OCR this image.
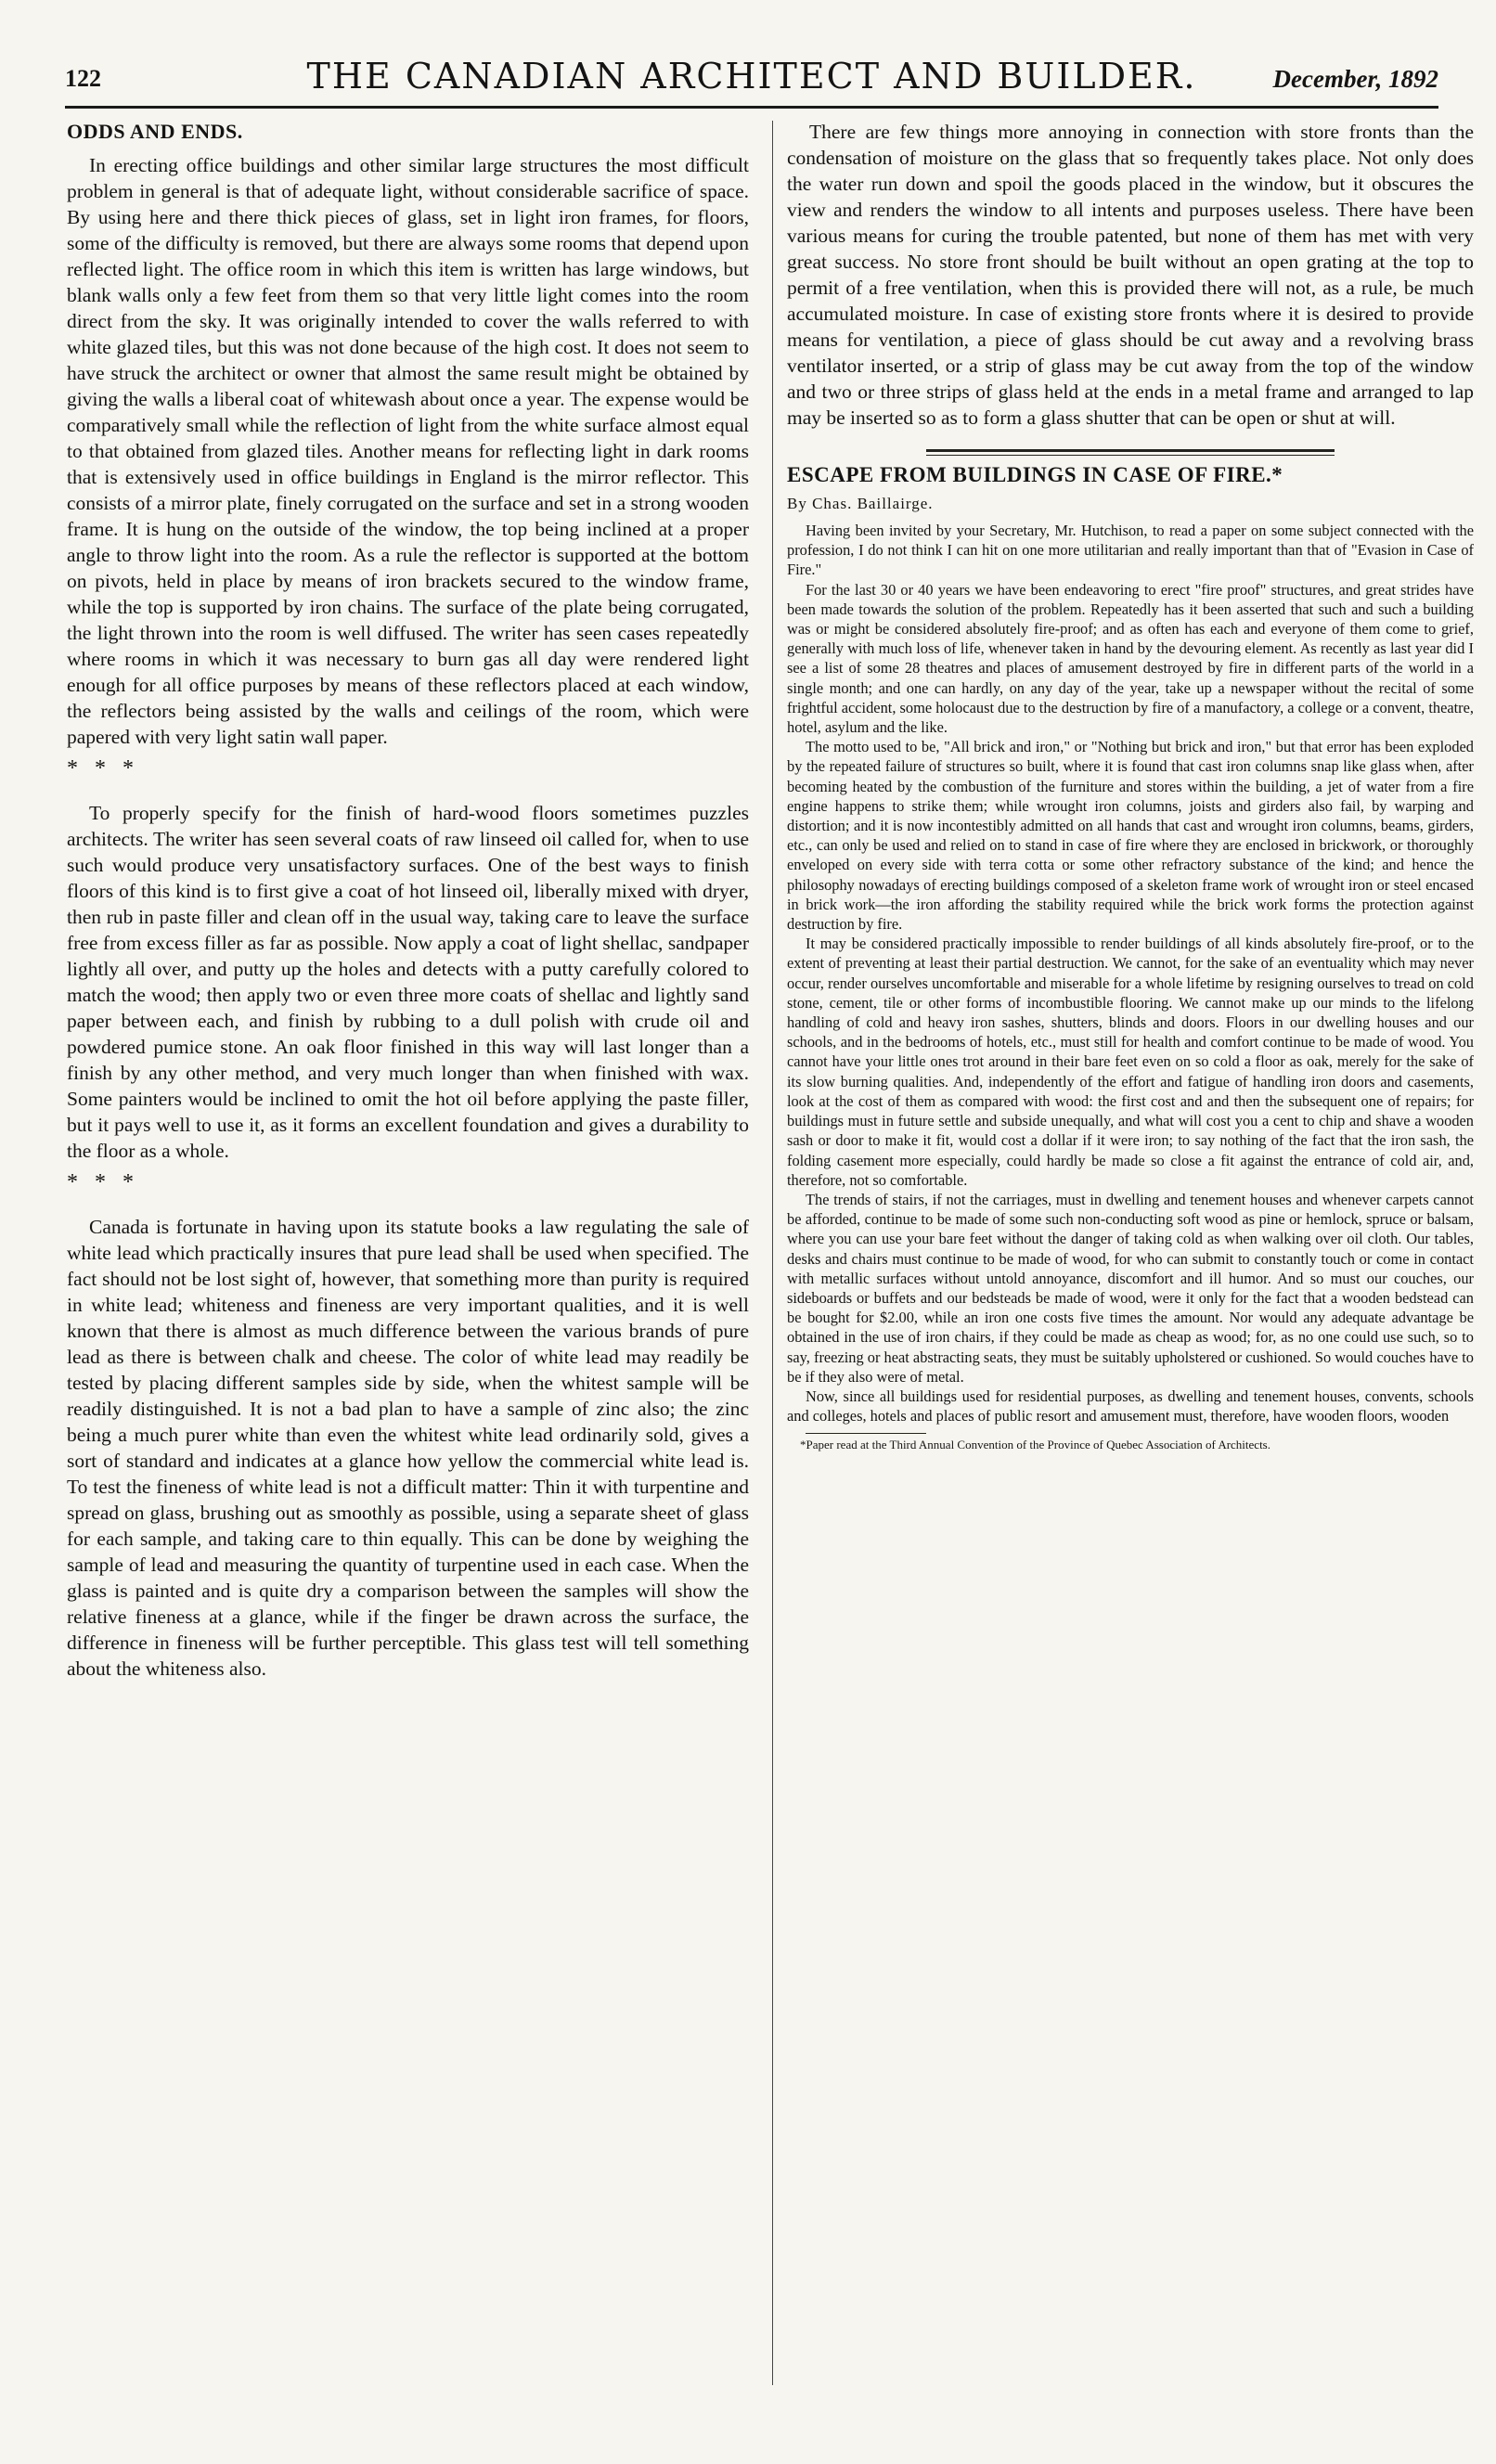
122	THE CANADIAN ARCHITECT AND BUILDER.	December, 1892
ODDS AND ENDS.

In erecting office buildings and other similar large structures the most difficult problem in general is that of adequate light, without considerable sacrifice of space. By using here and there thick pieces of glass, set in light iron frames, for floors, some of the difficulty is removed, but there are always some rooms that depend upon reflected light. The office room in which this item is written has large windows, but blank walls only a few feet from them so that very little light comes into the room direct from the sky. It was originally intended to cover the walls referred to with white glazed tiles, but this was not done because of the high cost. It does not seem to have struck the architect or owner that almost the same result might be obtained by giving the walls a liberal coat of whitewash about once a year. The expense would be comparatively small while the reflection of light from the white surface almost equal to that obtained from glazed tiles. Another means for reflecting light in dark rooms that is extensively used in office buildings in England is the mirror reflector. This consists of a mirror plate, finely corrugated on the surface and set in a strong wooden frame. It is hung on the outside of the window, the top being inclined at a proper angle to throw light into the room. As a rule the reflector is supported at the bottom on pivots, held in place by means of iron brackets secured to the window frame, while the top is supported by iron chains. The surface of the plate being corrugated, the light thrown into the room is well diffused. The writer has seen cases repeatedly where rooms in which it was necessary to burn gas all day were rendered light enough for all office purposes by means of these reflectors placed at each window, the reflectors being assisted by the walls and ceilings of the room, which were papered with very light satin wall paper.

* * *

To properly specify for the finish of hard-wood floors sometimes puzzles architects. The writer has seen several coats of raw linseed oil called for, when to use such would produce very unsatisfactory surfaces. One of the best ways to finish floors of this kind is to first give a coat of hot linseed oil, liberally mixed with dryer, then rub in paste filler and clean off in the usual way, taking care to leave the surface free from excess filler as far as possible. Now apply a coat of light shellac, sandpaper lightly all over, and putty up the holes and detects with a putty carefully colored to match the wood; then apply two or even three more coats of shellac and lightly sand paper between each, and finish by rubbing to a dull polish with crude oil and powdered pumice stone. An oak floor finished in this way will last longer than a finish by any other method, and very much longer than when finished with wax. Some painters would be inclined to omit the hot oil before applying the paste filler, but it pays well to use it, as it forms an excellent foundation and gives a durability to the floor as a whole.

* * *

Canada is fortunate in having upon its statute books a law regulating the sale of white lead which practically insures that pure lead shall be used when specified. The fact should not be lost sight of, however, that something more than purity is required in white lead; whiteness and fineness are very important qualities, and it is well known that there is almost as much difference between the various brands of pure lead as there is between chalk and cheese. The color of white lead may readily be tested by placing different samples side by side, when the whitest sample will be readily distinguished. It is not a bad plan to have a sample of zinc also; the zinc being a much purer white than even the whitest white lead ordinarily sold, gives a sort of standard and indicates at a glance how yellow the commercial white lead is. To test the fineness of white lead is not a difficult matter: Thin it with turpentine and spread on glass, brushing out as smoothly as possible, using a separate sheet of glass for each sample, and taking care to thin equally. This can be done by weighing the sample of lead and measuring the quantity of turpentine used in each case. When the glass is painted and is quite dry a comparison between the samples will show the relative fineness at a glance, while if the finger be drawn across the surface, the difference in fineness will be further perceptible. This glass test will tell something about the whiteness also.

There are few things more annoying in connection with store fronts than the condensation of moisture on the glass that so frequently takes place. Not only does the water run down and spoil the goods placed in the window, but it obscures the view and renders the window to all intents and purposes useless. There have been various means for curing the trouble patented, but none of them has met with very great success. No store front should be built without an open grating at the top to permit of a free ventilation, when this is provided there will not, as a rule, be much accumulated moisture. In case of existing store fronts where it is desired to provide means for ventilation, a piece of glass should be cut away and a revolving brass ventilator inserted, or a strip of glass may be cut away from the top of the window and two or three strips of glass held at the ends in a metal frame and arranged to lap may be inserted so as to form a glass shutter that can be open or shut at will.

ESCAPE FROM BUILDINGS IN CASE OF FIRE.*
By Chas. Baillairge.

Having been invited by your Secretary, Mr. Hutchison, to read a paper on some subject connected with the profession, I do not think I can hit on one more utilitarian and really important than that of "Evasion in Case of Fire."

For the last 30 or 40 years we have been endeavoring to erect "fire proof" structures, and great strides have been made towards the solution of the problem. Repeatedly has it been asserted that such and such a building was or might be considered absolutely fire-proof; and as often has each and everyone of them come to grief, generally with much loss of life, whenever taken in hand by the devouring element. As recently as last year did I see a list of some 28 theatres and places of amusement destroyed by fire in different parts of the world in a single month; and one can hardly, on any day of the year, take up a newspaper without the recital of some frightful accident, some holocaust due to the destruction by fire of a manufactory, a college or a convent, theatre, hotel, asylum and the like.

The motto used to be, "All brick and iron," or "Nothing but brick and iron," but that error has been exploded by the repeated failure of structures so built, where it is found that cast iron columns snap like glass when, after becoming heated by the combustion of the furniture and stores within the building, a jet of water from a fire engine happens to strike them; while wrought iron columns, joists and girders also fail, by warping and distortion; and it is now incontestibly admitted on all hands that cast and wrought iron columns, beams, girders, etc., can only be used and relied on to stand in case of fire where they are enclosed in brickwork, or thoroughly enveloped on every side with terra cotta or some other refractory substance of the kind; and hence the philosophy nowadays of erecting buildings composed of a skeleton frame work of wrought iron or steel encased in brick work—the iron affording the stability required while the brick work forms the protection against destruction by fire.

It may be considered practically impossible to render buildings of all kinds absolutely fire-proof, or to the extent of preventing at least their partial destruction. We cannot, for the sake of an eventuality which may never occur, render ourselves uncomfortable and miserable for a whole lifetime by resigning ourselves to tread on cold stone, cement, tile or other forms of incombustible flooring. We cannot make up our minds to the lifelong handling of cold and heavy iron sashes, shutters, blinds and doors. Floors in our dwelling houses and our schools, and in the bedrooms of hotels, etc., must still for health and comfort continue to be made of wood. You cannot have your little ones trot around in their bare feet even on so cold a floor as oak, merely for the sake of its slow burning qualities. And, independently of the effort and fatigue of handling iron doors and casements, look at the cost of them as compared with wood: the first cost and and then the subsequent one of repairs; for buildings must in future settle and subside unequally, and what will cost you a cent to chip and shave a wooden sash or door to make it fit, would cost a dollar if it were iron; to say nothing of the fact that the iron sash, the folding casement more especially, could hardly be made so close a fit against the entrance of cold air, and, therefore, not so comfortable.

The trends of stairs, if not the carriages, must in dwelling and tenement houses and whenever carpets cannot be afforded, continue to be made of some such non-conducting soft wood as pine or hemlock, spruce or balsam, where you can use your bare feet without the danger of taking cold as when walking over oil cloth. Our tables, desks and chairs must continue to be made of wood, for who can submit to constantly touch or come in contact with metallic surfaces without untold annoyance, discomfort and ill humor. And so must our couches, our sideboards or buffets and our bedsteads be made of wood, were it only for the fact that a wooden bedstead can be bought for $2.00, while an iron one costs five times the amount. Nor would any adequate advantage be obtained in the use of iron chairs, if they could be made as cheap as wood; for, as no one could use such, so to say, freezing or heat abstracting seats, they must be suitably upholstered or cushioned. So would couches have to be if they also were of metal.

Now, since all buildings used for residential purposes, as dwelling and tenement houses, convents, schools and colleges, hotels and places of public resort and amusement must, therefore, have wooden floors, wooden

*Paper read at the Third Annual Convention of the Province of Quebec Association of Architects.
